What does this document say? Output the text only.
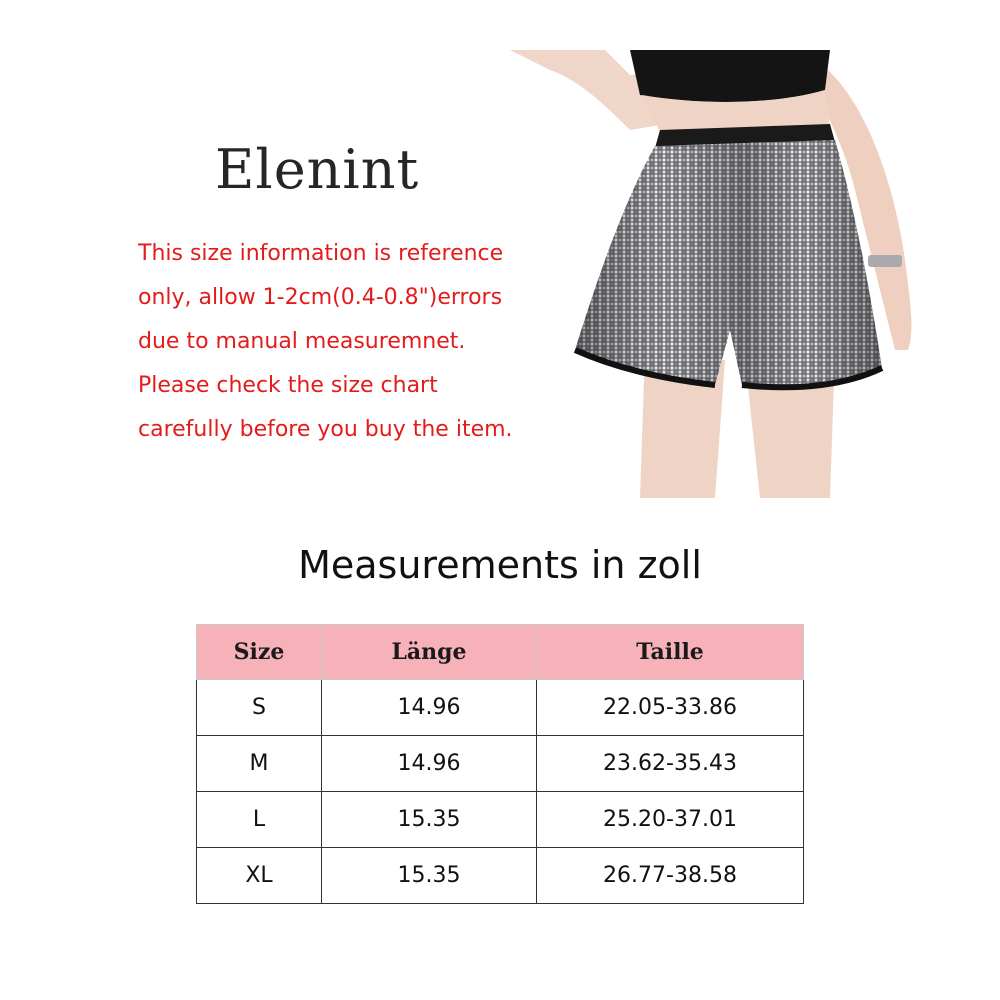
Elenint
This size information is reference
only, allow 1-2cm(0.4-0.8")errors
due to manual measuremnet.
Please check the size chart
carefully before you buy the item.
Measurements in zoll
Size	Länge	Taille
S	14.96	22.05-33.86
M	14.96	23.62-35.43
L	15.35	25.20-37.01
XL	15.35	26.77-38.58
